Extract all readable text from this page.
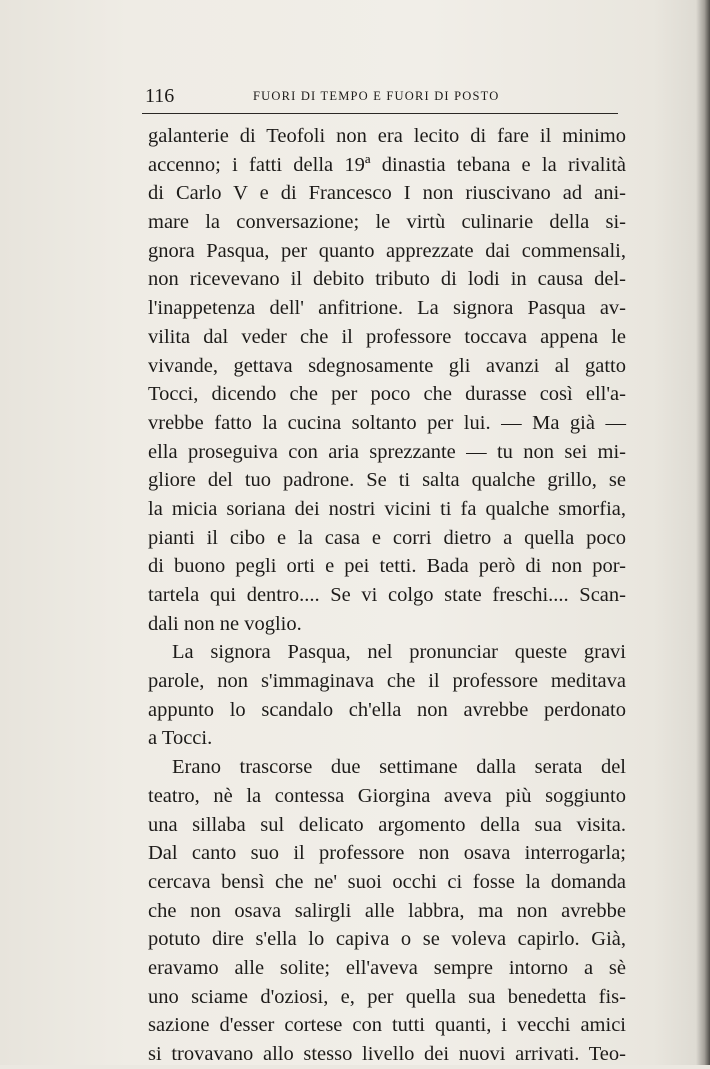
116	FUORI DI TEMPO E FUORI DI POSTO
galanterie di Teofoli non era lecito di fare il minimo
accenno; i fatti della 19ª dinastia tebana e la rivalità
di Carlo V e di Francesco I non riuscivano ad ani-
mare la conversazione; le virtù culinarie della si-
gnora Pasqua, per quanto apprezzate dai commensali,
non ricevevano il debito tributo di lodi in causa del-
l'inappetenza dell' anfitrione. La signora Pasqua av-
vilita dal veder che il professore toccava appena le
vivande, gettava sdegnosamente gli avanzi al gatto
Tocci, dicendo che per poco che durasse così ell'a-
vrebbe fatto la cucina soltanto per lui. — Ma già —
ella proseguiva con aria sprezzante — tu non sei mi-
gliore del tuo padrone. Se ti salta qualche grillo, se
la micia soriana dei nostri vicini ti fa qualche smorfia,
pianti il cibo e la casa e corri dietro a quella poco
di buono pegli orti e pei tetti. Bada però di non por-
tartela qui dentro.... Se vi colgo state freschi.... Scan-
dali non ne voglio.
La signora Pasqua, nel pronunciar queste gravi
parole, non s'immaginava che il professore meditava
appunto lo scandalo ch'ella non avrebbe perdonato
a Tocci.
Erano trascorse due settimane dalla serata del
teatro, nè la contessa Giorgina aveva più soggiunto
una sillaba sul delicato argomento della sua visita.
Dal canto suo il professore non osava interrogarla;
cercava bensì che ne' suoi occhi ci fosse la domanda
che non osava salirgli alle labbra, ma non avrebbe
potuto dire s'ella lo capiva o se voleva capirlo. Già,
eravamo alle solite; ell'aveva sempre intorno a sè
uno sciame d'oziosi, e, per quella sua benedetta fis-
sazione d'esser cortese con tutti quanti, i vecchi amici
si trovavano allo stesso livello dei nuovi arrivati. Teo-
